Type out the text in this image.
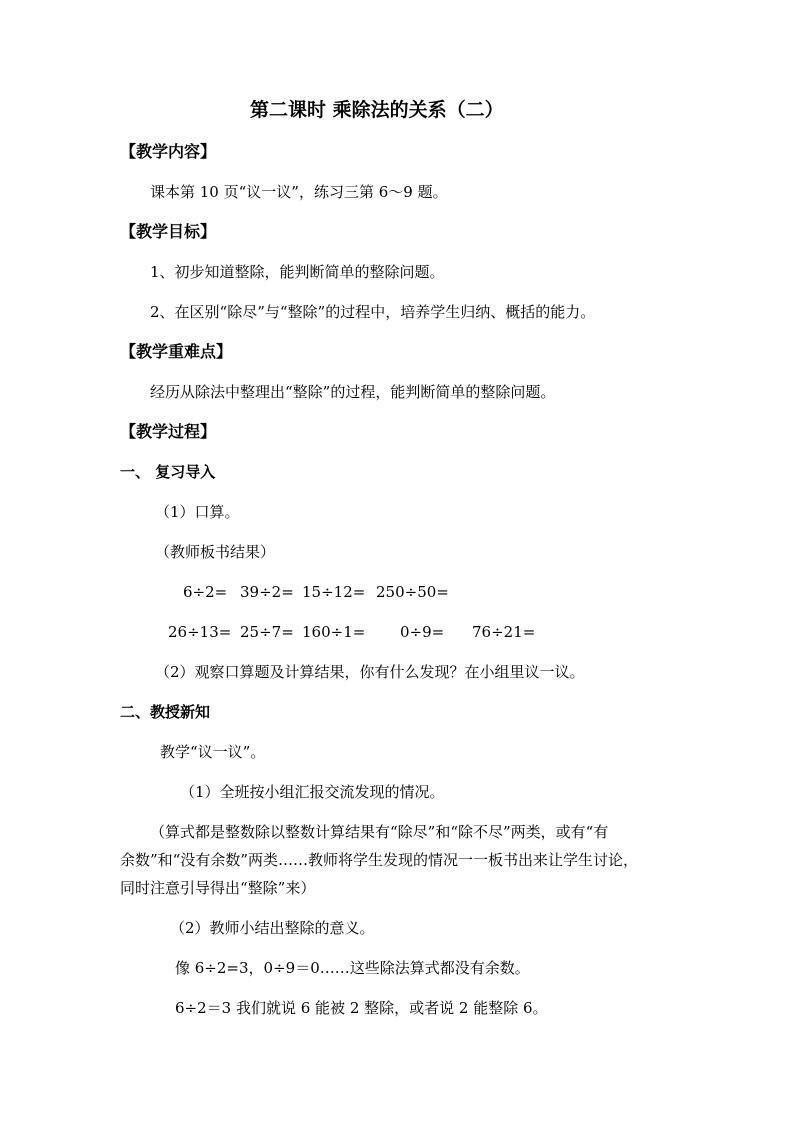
第二课时 乘除法的关系（二）
【教学内容】
课本第 10 页“议一议”，练习三第 6～9 题。
【教学目标】
1、初步知道整除，能判断简单的整除问题。
2、在区别“除尽”与“整除”的过程中，培养学生归纳、概括的能力。
【教学重难点】
经历从除法中整理出“整除”的过程，能判断简单的整除问题。
【教学过程】
一、 复习导入
（1）口算。
（教师板书结果）
6÷2= 39÷2= 15÷12= 250÷50=
26÷13= 25÷7= 160÷1= 0÷9= 76÷21=
（2）观察口算题及计算结果，你有什么发现？在小组里议一议。
二、教授新知
教学“议一议”。
（1）全班按小组汇报交流发现的情况。
（算式都是整数除以整数计算结果有“除尽”和“除不尽”两类，或有“有
余数”和“没有余数”两类……教师将学生发现的情况一一板书出来让学生讨论，
同时注意引导得出“整除”来）
（2）教师小结出整除的意义。
像 6÷2=3，0÷9＝0……这些除法算式都没有余数。
6÷2＝3 我们就说 6 能被 2 整除，或者说 2 能整除 6。
